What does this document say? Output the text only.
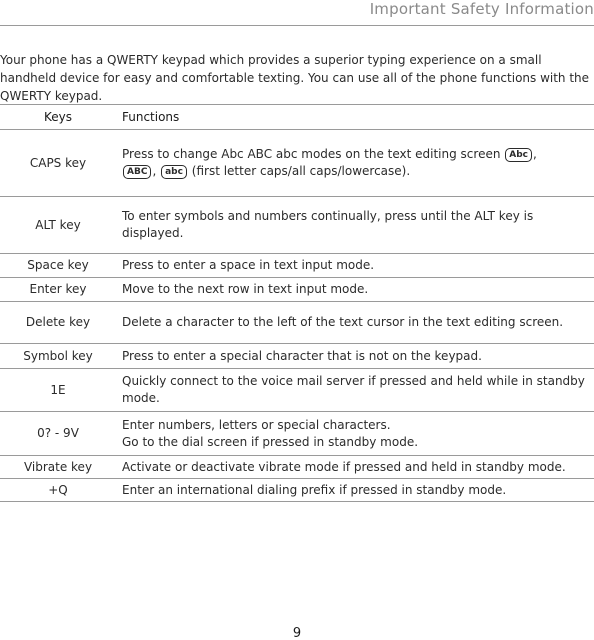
Important Safety Information

Your phone has a QWERTY keypad which provides a superior typing experience on a small handheld device for easy and comfortable texting. You can use all of the phone functions with the QWERTY keypad.

Keys	Functions
CAPS key	Press to change Abc ABC abc modes on the text editing screen Abc ,
ABC , abc (first letter caps/all caps/lowercase).
ALT key	To enter symbols and numbers continually, press until the ALT key is displayed.

Space key	Press to enter a space in text input mode.

Enter key	Move to the next row in text input mode.

Delete key	Delete a character to the left of the text cursor in the text editing screen.

Symbol key	Press to enter a special character that is not on the keypad.

1E	Quickly connect to the voice mail server if pressed and held while in standby mode.

0? - 9V	Enter numbers, letters or special characters.
Go to the dial screen if pressed in standby mode.

Vibrate key	Activate or deactivate vibrate mode if pressed and held in standby mode.

+Q	Enter an international dialing prefix if pressed in standby mode.
9
